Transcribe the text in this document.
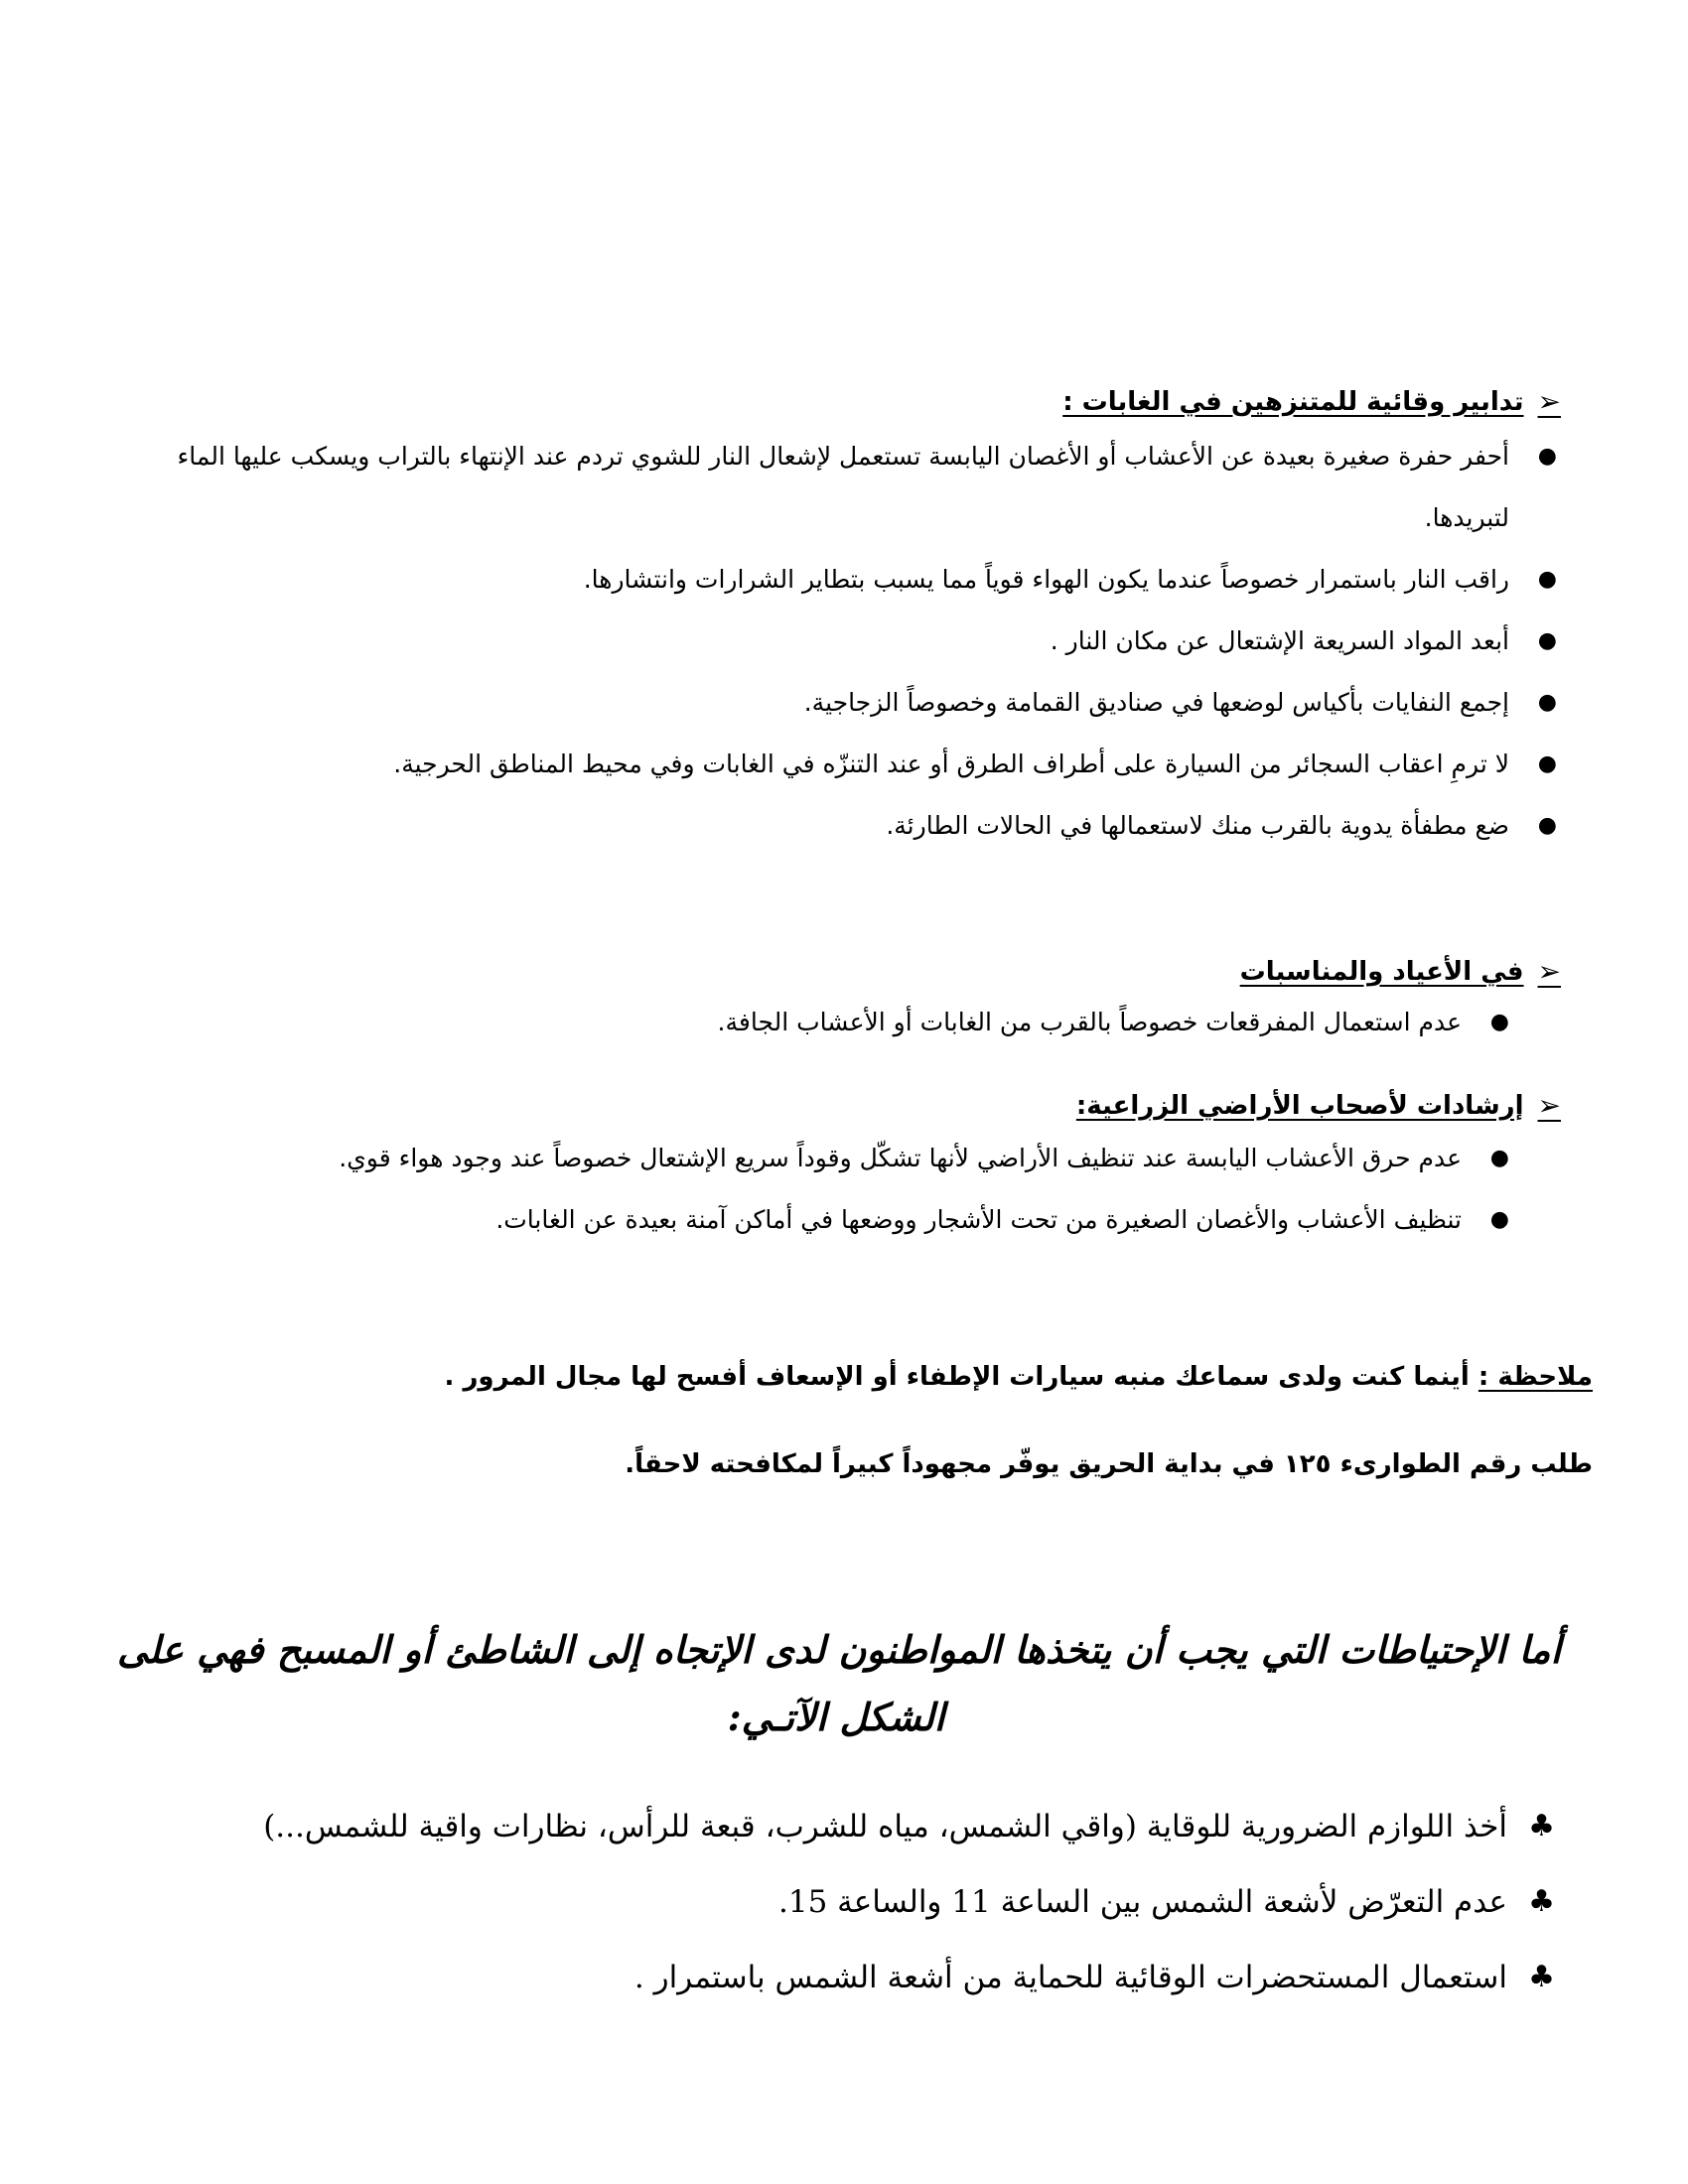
➢
تدابير وقائية للمتنزهين في الغابات :
●
أحفر حفرة صغيرة بعيدة عن الأعشاب أو الأغصان اليابسة تستعمل لإشعال النار للشوي تردم عند الإنتهاء بالتراب ويسكب عليها الماء لتبريدها.
●
راقب النار باستمرار خصوصاً عندما يكون الهواء قوياً مما يسبب بتطاير الشرارات وانتشارها.
●
أبعد المواد السريعة الإشتعال عن مكان النار .
●
إجمع النفايات بأكياس لوضعها في صناديق القمامة وخصوصاً الزجاجية.
●
لا ترمِ اعقاب السجائر من السيارة على أطراف الطرق أو عند التنزّه في الغابات وفي محيط المناطق الحرجية.
●
ضع مطفأة يدوية بالقرب منك لاستعمالها في الحالات الطارئة.
➢
في الأعياد والمناسبات
●
عدم استعمال المفرقعات خصوصاً بالقرب من الغابات أو الأعشاب الجافة.
➢
إرشادات لأصحاب الأراضي الزراعية:
●
عدم حرق الأعشاب اليابسة عند تنظيف الأراضي لأنها تشكّل وقوداً سريع الإشتعال خصوصاً عند وجود هواء قوي.
●
تنظيف الأعشاب والأغصان الصغيرة من تحت الأشجار ووضعها في أماكن آمنة بعيدة عن الغابات.
ملاحظة : أينما كنت ولدى سماعك منبه سيارات الإطفاء أو الإسعاف أفسح لها مجال المرور .
طلب رقم الطوارىء ١٢٥ في بداية الحريق يوفّر مجهوداً كبيراً لمكافحته لاحقاً.
أما الإحتياطات التي يجب أن يتخذها المواطنون لدى الإتجاه إلى الشاطئ أو المسبح فهي على
الشكل الآتـي:
♣
أخذ اللوازم الضرورية للوقاية (واقي الشمس، مياه للشرب، قبعة للرأس، نظارات واقية للشمس...)
♣
عدم التعرّض لأشعة الشمس بين الساعة 11 والساعة 15.
♣
استعمال المستحضرات الوقائية للحماية من أشعة الشمس باستمرار .
